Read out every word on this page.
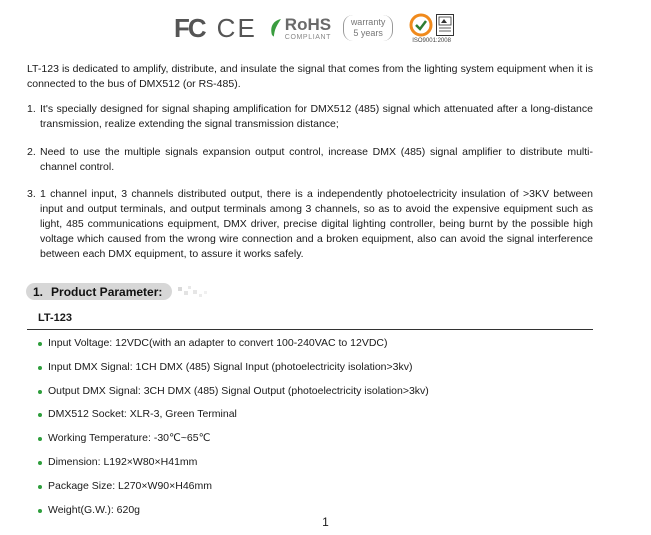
FC CE RoHS
COMPLIANT
warranty
5 years
ISO9001:2008

LT-123 is dedicated to amplify, distribute, and insulate the signal that comes from the lighting system equipment when it is connected to the bus of DMX512 (or RS-485).

1. It's specially designed for signal shaping amplification for DMX512 (485) signal which attenuated after a long-distance transmission, realize extending the signal transmission distance;

2. Need to use the multiple signals expansion output control, increase DMX (485) signal amplifier to distribute multi-channel control.

3. 1 channel input, 3 channels distributed output, there is a independently photoelectricity insulation of >3KV between input and output terminals, and output terminals among 3 channels, so as to avoid the expensive equipment such as light, 485 communications equipment, DMX driver, precise digital lighting controller, being burnt by the possible high voltage which caused from the wrong wire connection and a broken equipment, also can avoid the signal interference between each DMX equipment, to assure it works safely.

1. Product Parameter:
LT-123
Input Voltage: 12VDC(with an adapter to convert 100-240VAC to 12VDC)
Input DMX Signal: 1CH DMX (485) Signal Input (photoelectricity isolation>3kv)
Output DMX Signal: 3CH DMX (485) Signal Output (photoelectricity isolation>3kv)
DMX512 Socket: XLR-3, Green Terminal
Working Temperature: -30℃~65℃
Dimension: L192×W80×H41mm
Package Size: L270×W90×H46mm
Weight(G.W.): 620g
1
